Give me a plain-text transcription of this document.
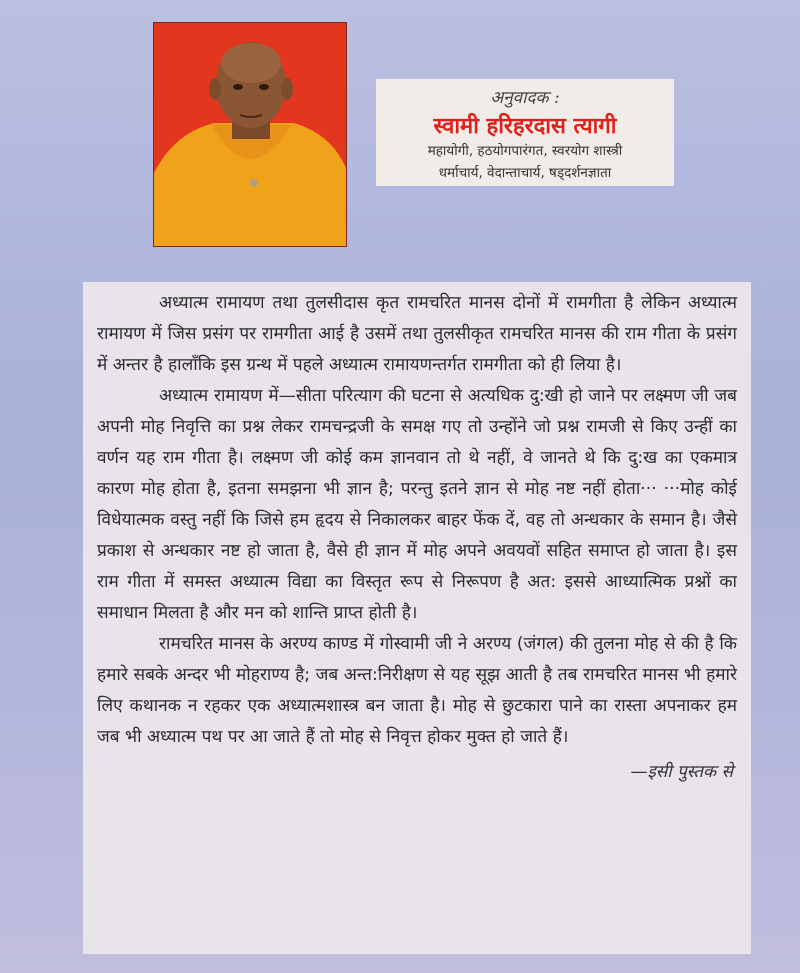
अनुवादक :
स्वामी हरिहरदास त्यागी
महायोगी, हठयोगपारंगत, स्वरयोग शास्त्री
धर्माचार्य, वेदान्ताचार्य, षड्दर्शनज्ञाता

अध्यात्म रामायण तथा तुलसीदास कृत रामचरित मानस दोनों में रामगीता है लेकिन अध्यात्म रामायण में जिस प्रसंग पर रामगीता आई है उसमें तथा तुलसीकृत रामचरित मानस की राम गीता के प्रसंग में अन्तर है हालाँकि इस ग्रन्थ में पहले अध्यात्म रामायणन्तर्गत रामगीता को ही लिया है।

अध्यात्म रामायण में—सीता परित्याग की घटना से अत्यधिक दु:खी हो जाने पर लक्ष्मण जी जब अपनी मोह निवृत्ति का प्रश्न लेकर रामचन्द्रजी के समक्ष गए तो उन्होंने जो प्रश्न रामजी से किए उन्हीं का वर्णन यह राम गीता है। लक्ष्मण जी कोई कम ज्ञानवान तो थे नहीं, वे जानते थे कि दु:ख का एकमात्र कारण मोह होता है, इतना समझना भी ज्ञान है; परन्तु इतने ज्ञान से मोह नष्ट नहीं होता··· ···मोह कोई विधेयात्मक वस्तु नहीं कि जिसे हम हृदय से निकालकर बाहर फेंक दें, वह तो अन्धकार के समान है। जैसे प्रकाश से अन्धकार नष्ट हो जाता है, वैसे ही ज्ञान में मोह अपने अवयवों सहित समाप्त हो जाता है। इस राम गीता में समस्त अध्यात्म विद्या का विस्तृत रूप से निरूपण है अत: इससे आध्यात्मिक प्रश्नों का समाधान मिलता है और मन को शान्ति प्राप्त होती है।

रामचरित मानस के अरण्य काण्ड में गोस्वामी जी ने अरण्य (जंगल) की तुलना मोह से की है कि हमारे सबके अन्दर भी मोहराण्य है; जब अन्त:निरीक्षण से यह सूझ आती है तब रामचरित मानस भी हमारे लिए कथानक न रहकर एक अध्यात्मशास्त्र बन जाता है। मोह से छुटकारा पाने का रास्ता अपनाकर हम जब भी अध्यात्म पथ पर आ जाते हैं तो मोह से निवृत्त होकर मुक्त हो जाते हैं।

—इसी पुस्तक से
